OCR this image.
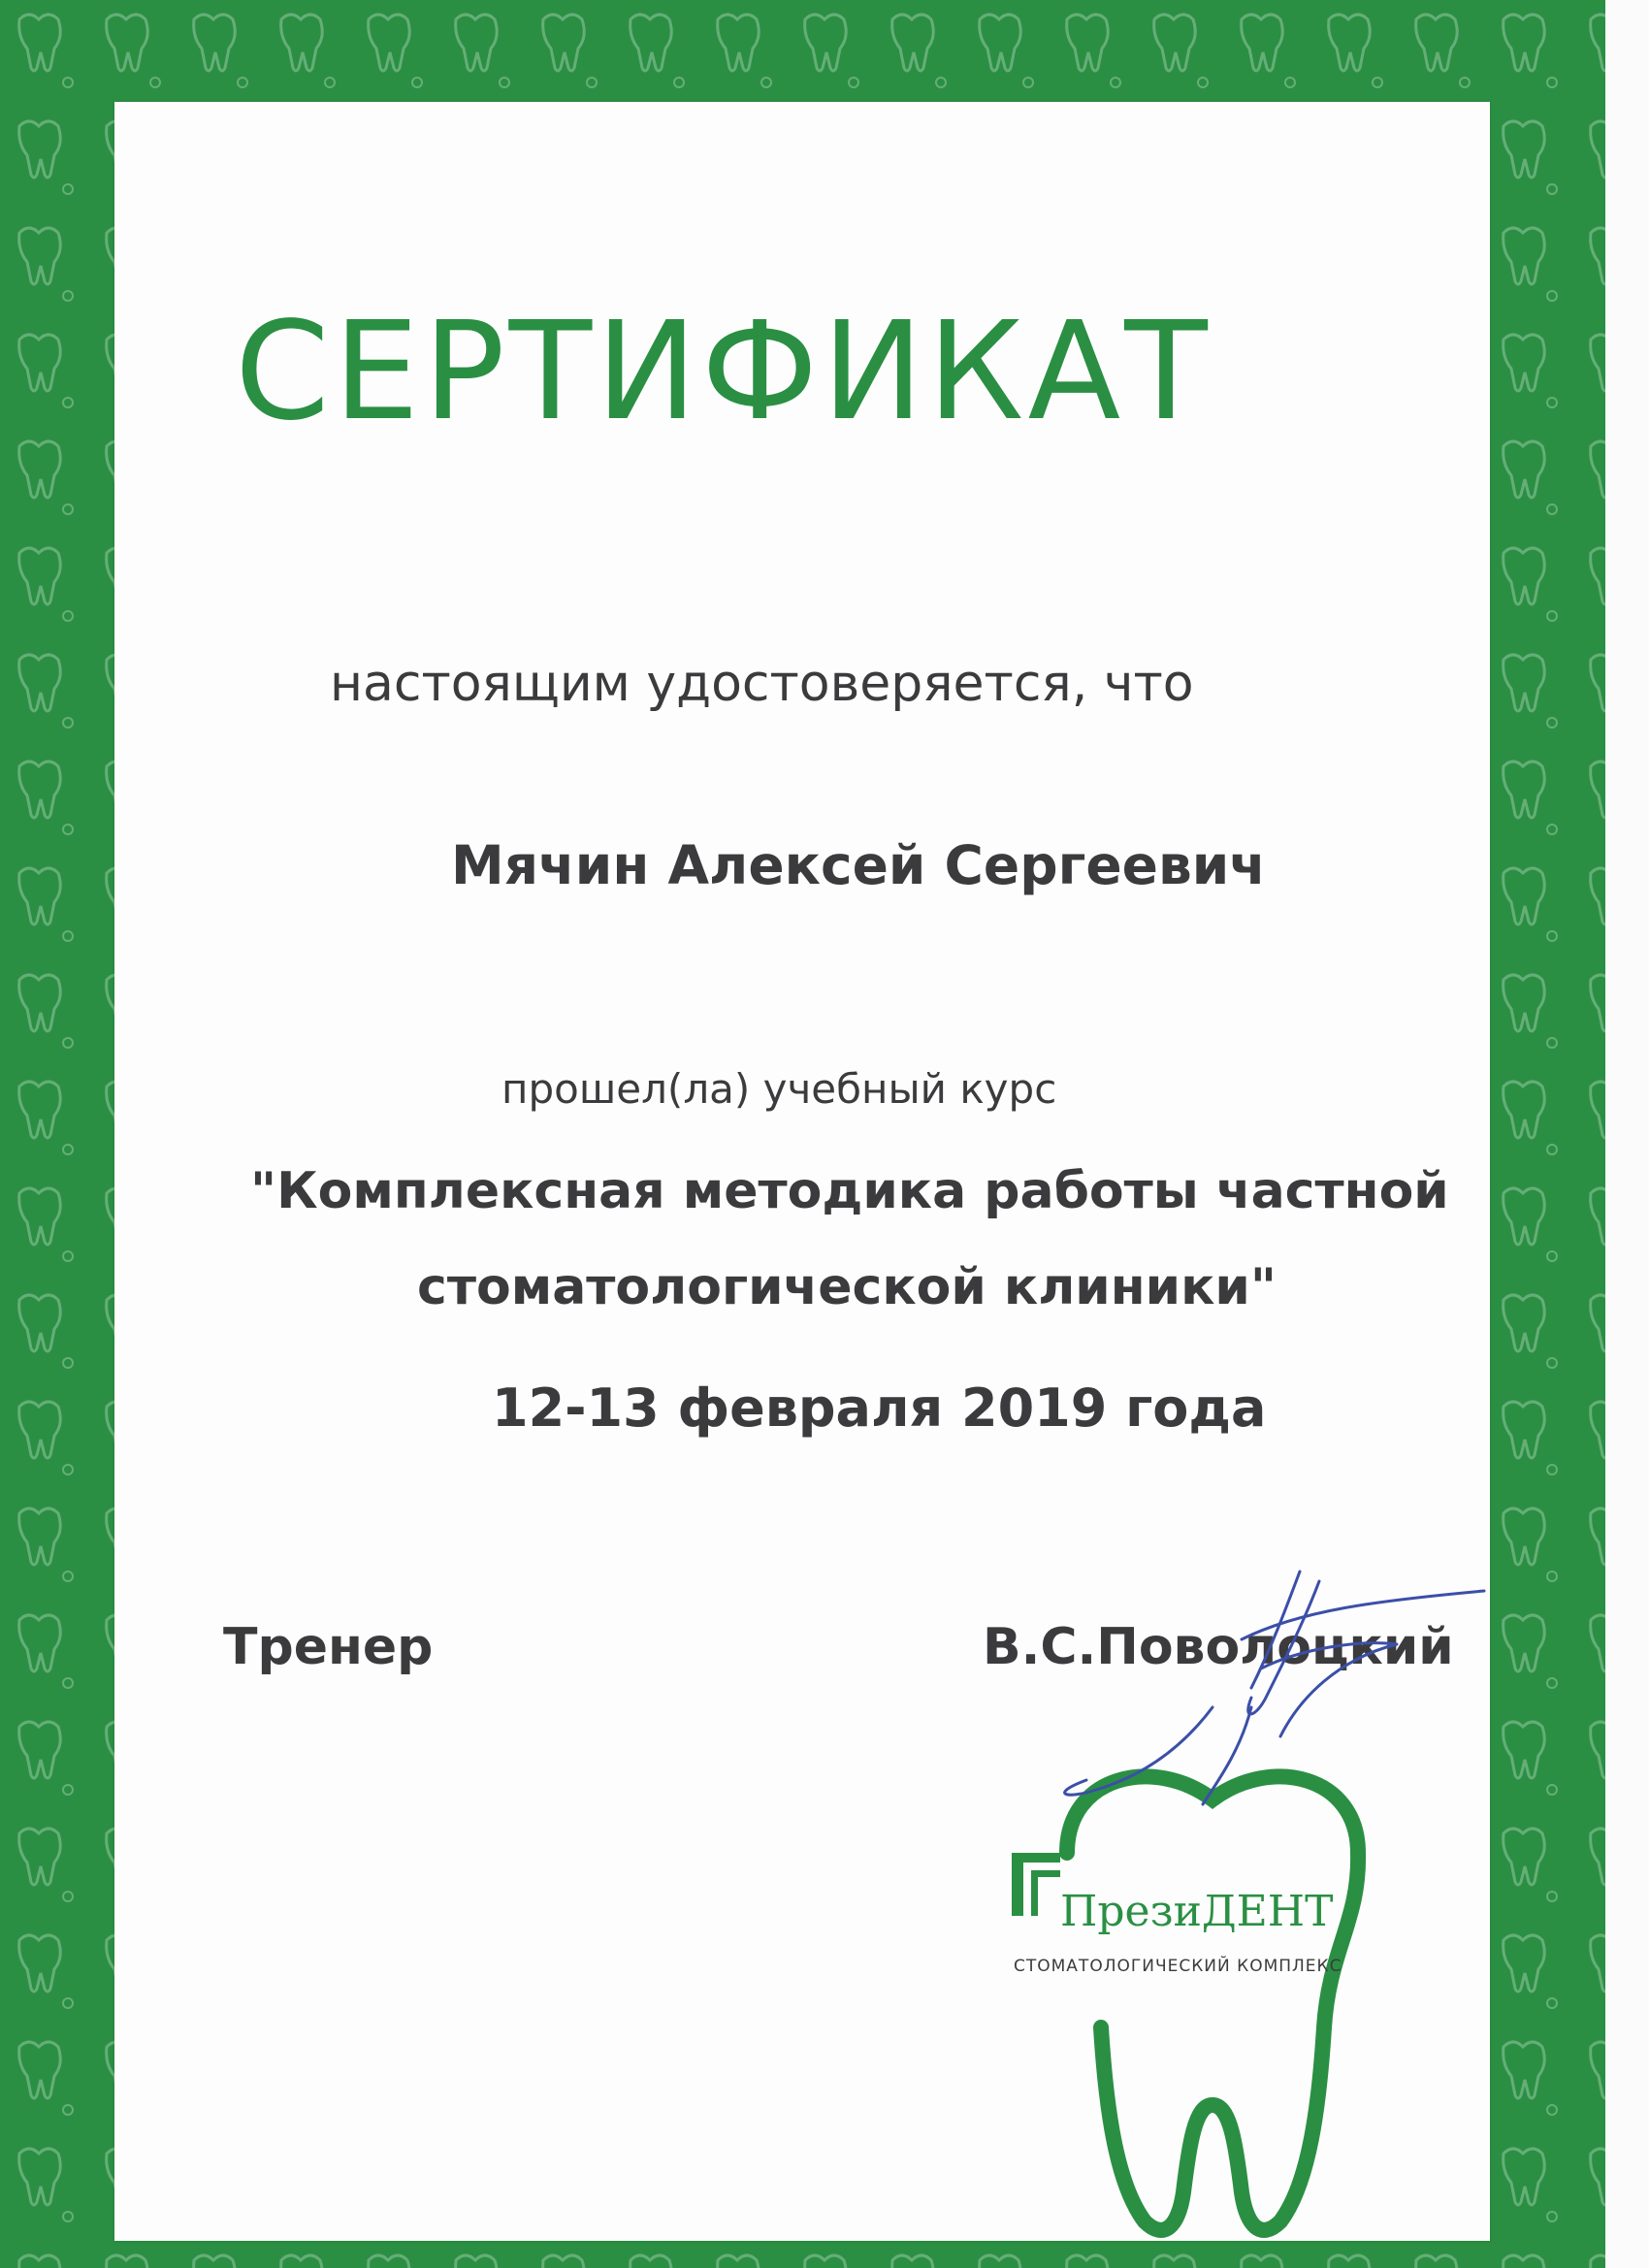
СЕРТИФИКАТ
настоящим удостоверяется, что
Мячин Алексей Сергеевич
прошел(ла) учебный курс
"Комплексная методика работы частной
стоматологической клиники"
12-13 февраля 2019 года
Тренер	В.С.Поволоцкий
ПрезиДЕНТ
СТОМАТОЛОГИЧЕСКИЙ КОМПЛЕКС
